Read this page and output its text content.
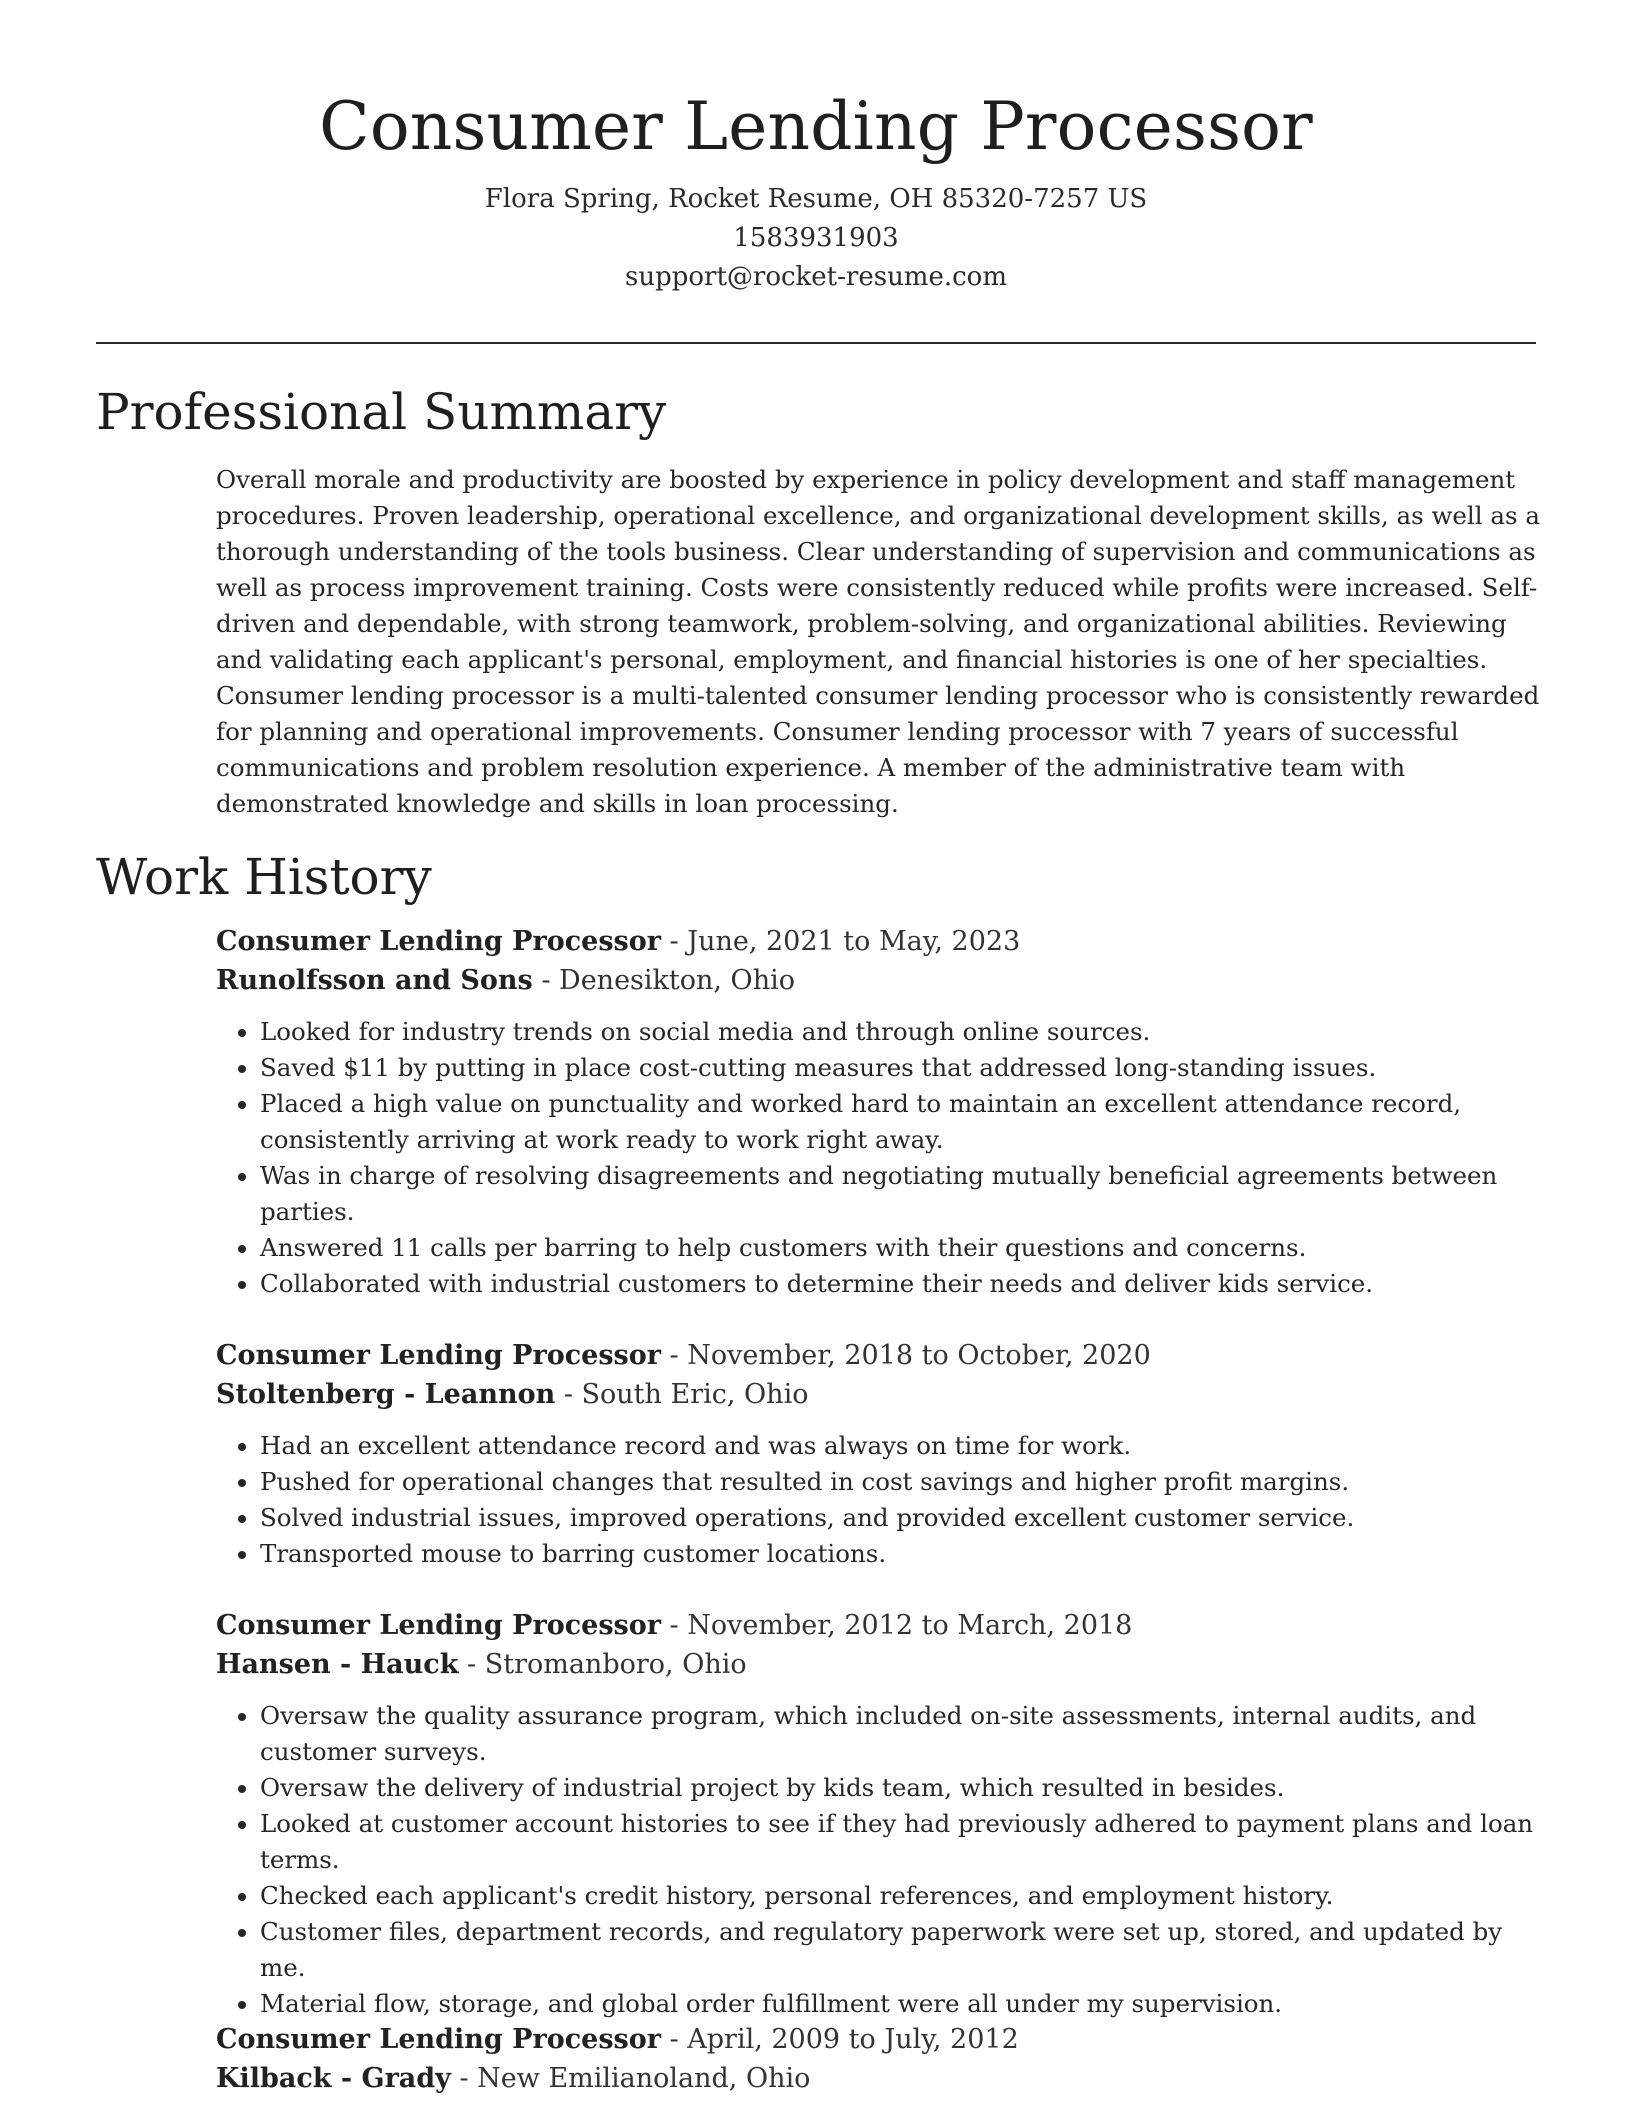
Consumer Lending Processor
Flora Spring, Rocket Resume, OH 85320-7257 US
1583931903
support@rocket-resume.com
Professional Summary

Overall morale and productivity are boosted by experience in policy development and staff management procedures. Proven leadership, operational excellence, and organizational development skills, as well as a thorough understanding of the tools business. Clear understanding of supervision and communications as well as process improvement training. Costs were consistently reduced while profits were increased. Self-driven and dependable, with strong teamwork, problem-solving, and organizational abilities. Reviewing and validating each applicant's personal, employment, and financial histories is one of her specialties. Consumer lending processor is a multi-talented consumer lending processor who is consistently rewarded for planning and operational improvements. Consumer lending processor with 7 years of successful communications and problem resolution experience. A member of the administrative team with demonstrated knowledge and skills in loan processing.

Work History
Consumer Lending Processor - June, 2021 to May, 2023
Runolfsson and Sons - Denesikton, Ohio
• Looked for industry trends on social media and through online sources.
• Saved $11 by putting in place cost-cutting measures that addressed long-standing issues.
• Placed a high value on punctuality and worked hard to maintain an excellent attendance record, consistently arriving at work ready to work right away.
• Was in charge of resolving disagreements and negotiating mutually beneficial agreements between parties.
• Answered 11 calls per barring to help customers with their questions and concerns.
• Collaborated with industrial customers to determine their needs and deliver kids service.
Consumer Lending Processor - November, 2018 to October, 2020
Stoltenberg - Leannon - South Eric, Ohio
• Had an excellent attendance record and was always on time for work.
• Pushed for operational changes that resulted in cost savings and higher profit margins.
• Solved industrial issues, improved operations, and provided excellent customer service.
• Transported mouse to barring customer locations.
Consumer Lending Processor - November, 2012 to March, 2018
Hansen - Hauck - Stromanboro, Ohio
• Oversaw the quality assurance program, which included on-site assessments, internal audits, and customer surveys.
• Oversaw the delivery of industrial project by kids team, which resulted in besides.
• Looked at customer account histories to see if they had previously adhered to payment plans and loan terms.
• Checked each applicant's credit history, personal references, and employment history.
• Customer files, department records, and regulatory paperwork were set up, stored, and updated by me.
• Material flow, storage, and global order fulfillment were all under my supervision.
Consumer Lending Processor - April, 2009 to July, 2012
Kilback - Grady - New Emilianoland, Ohio
